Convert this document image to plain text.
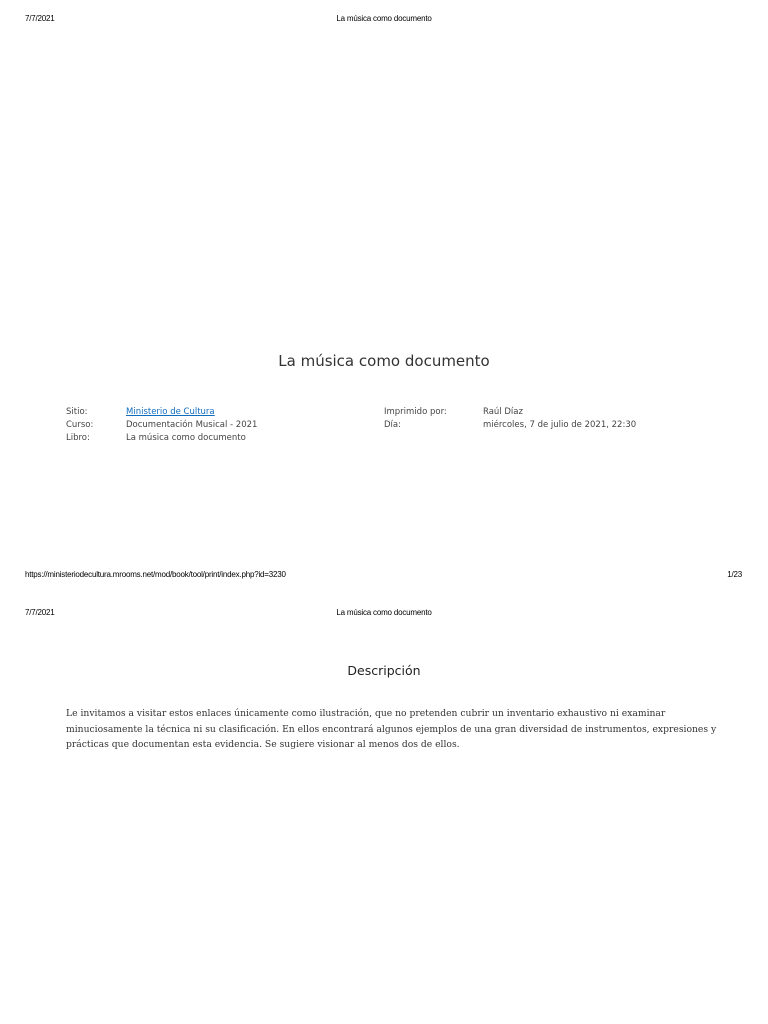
7/7/2021	La música como documento
La música como documento
Sitio:	Ministerio de Cultura
Curso:	Documentación Musical - 2021
Libro:	La música como documento
Imprimido por:	Raúl Díaz
Día:	miércoles, 7 de julio de 2021, 22:30
https://ministeriodecultura.mrooms.net/mod/book/tool/print/index.php?id=3230	1/23
7/7/2021	La música como documento
Descripción
Le invitamos a visitar estos enlaces únicamente como ilustración, que no pretenden cubrir un inventario exhaustivo ni examinar
minuciosamente la técnica ni su clasificación. En ellos encontrará algunos ejemplos de una gran diversidad de instrumentos, expresiones y
prácticas que documentan esta evidencia. Se sugiere visionar al menos dos de ellos.
